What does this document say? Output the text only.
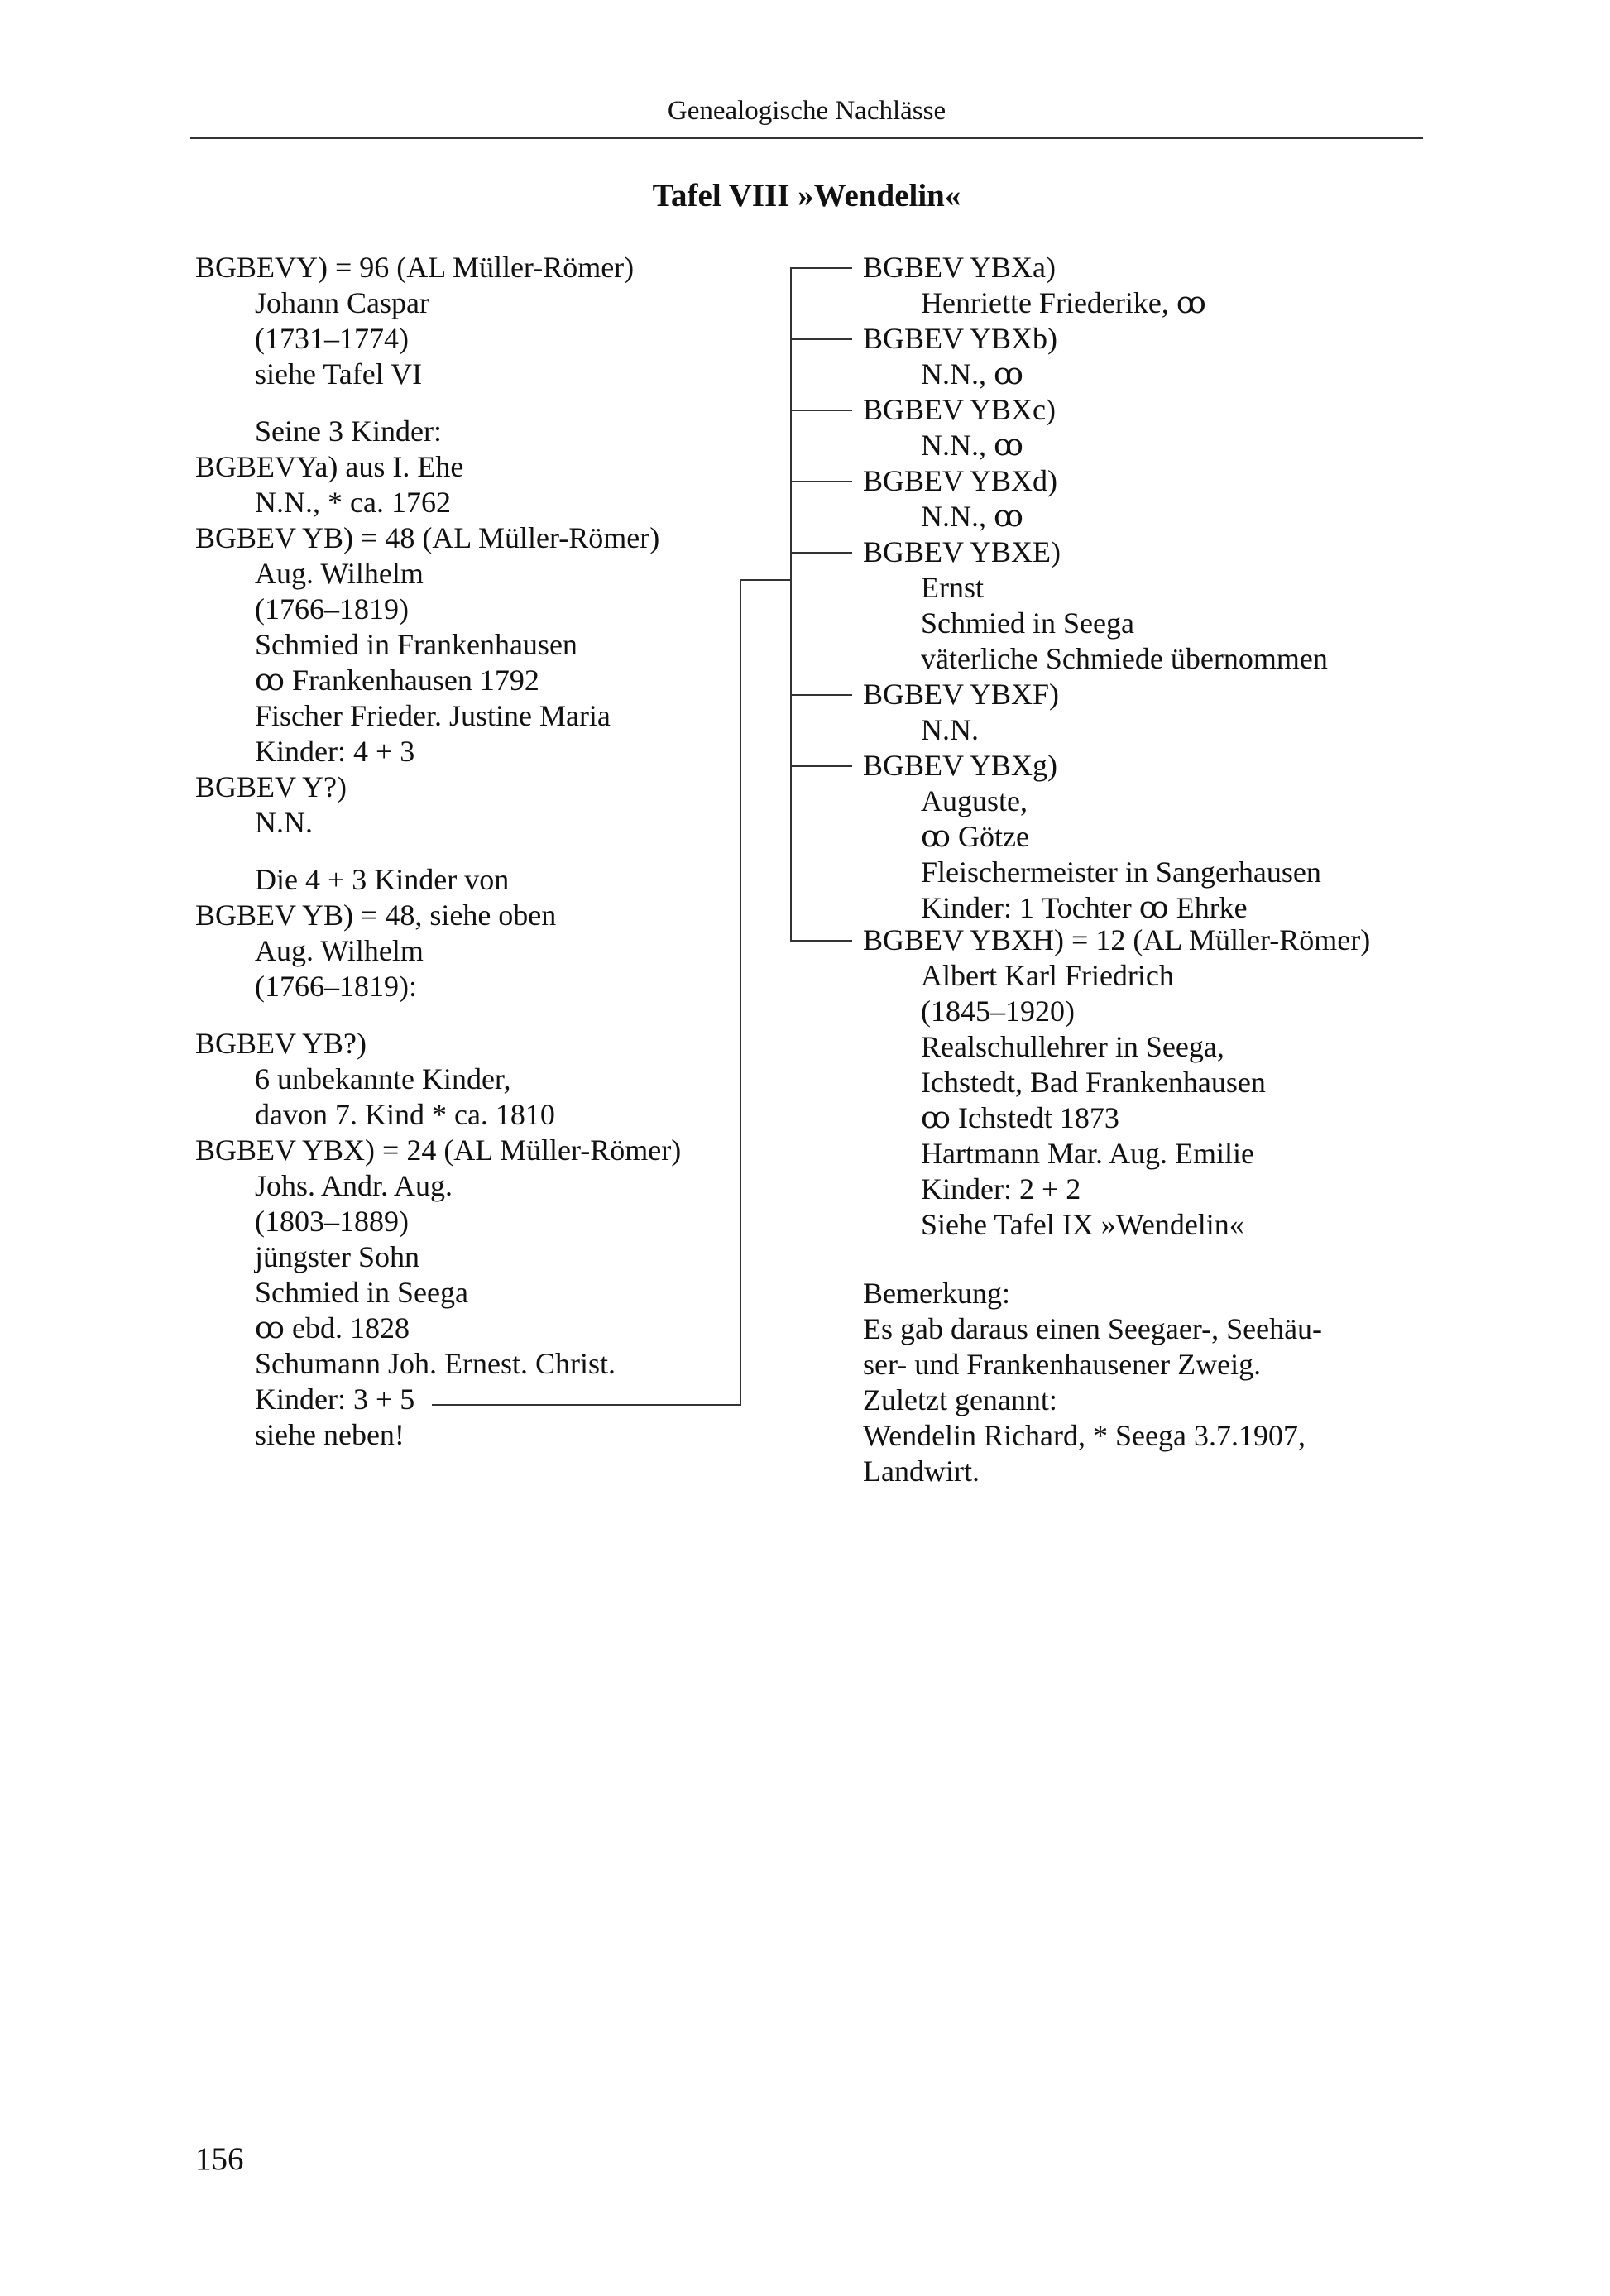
Genealogische Nachlässe
Tafel VIII »Wendelin«
BGBEVY) = 96 (AL Müller-Römer)
Johann Caspar
(1731–1774)
siehe Tafel VI
Seine 3 Kinder:
BGBEVYa) aus I. Ehe
N.N., * ca. 1762
BGBEV YB) = 48 (AL Müller-Römer)
Aug. Wilhelm
(1766–1819)
Schmied in Frankenhausen
ꝏ Frankenhausen 1792
Fischer Frieder. Justine Maria
Kinder: 4 + 3
BGBEV Y?)
N.N.
Die 4 + 3 Kinder von
BGBEV YB) = 48, siehe oben
Aug. Wilhelm
(1766–1819):
BGBEV YB?)
6 unbekannte Kinder,
davon 7. Kind * ca. 1810
BGBEV YBX) = 24 (AL Müller-Römer)
Johs. Andr. Aug.
(1803–1889)
jüngster Sohn
Schmied in Seega
ꝏ ebd. 1828
Schumann Joh. Ernest. Christ.
Kinder: 3 + 5
siehe neben!
BGBEV YBXa)
Henriette Friederike, ꝏ
BGBEV YBXb)
N.N., ꝏ
BGBEV YBXc)
N.N., ꝏ
BGBEV YBXd)
N.N., ꝏ
BGBEV YBXE)
Ernst
Schmied in Seega
väterliche Schmiede übernommen
BGBEV YBXF)
N.N.
BGBEV YBXg)
Auguste,
ꝏ Götze
Fleischermeister in Sangerhausen
Kinder: 1 Tochter ꝏ Ehrke
BGBEV YBXH) = 12 (AL Müller-Römer)
Albert Karl Friedrich
(1845–1920)
Realschullehrer in Seega,
Ichstedt, Bad Frankenhausen
ꝏ Ichstedt 1873
Hartmann Mar. Aug. Emilie
Kinder: 2 + 2
Siehe Tafel IX »Wendelin«
Bemerkung:
Es gab daraus einen Seegaer-, Seehäu-
ser- und Frankenhausener Zweig.
Zuletzt genannt:
Wendelin Richard, * Seega 3.7.1907,
Landwirt.
156
